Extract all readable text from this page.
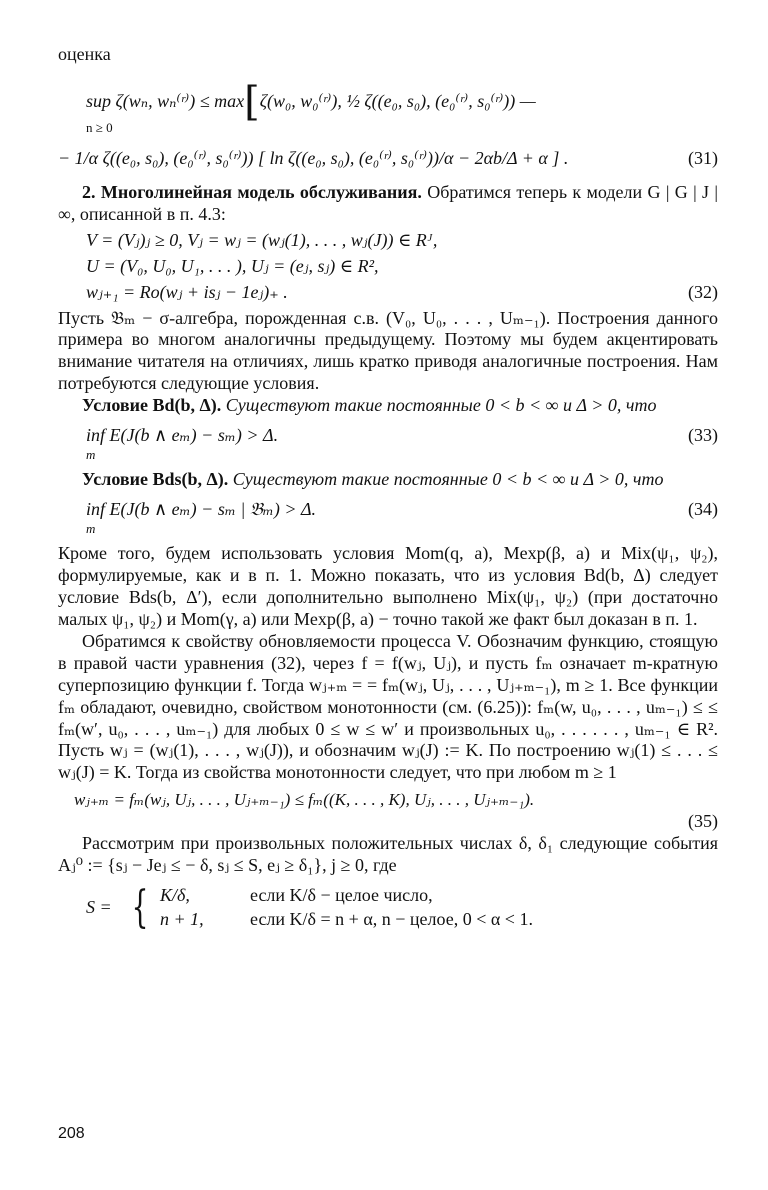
оценка

sup ζ(wₙ, wₙ⁽ʳ⁾) ≤ max [ ζ(w₀, w₀⁽ʳ⁾), ½ ζ((e₀, s₀), (e₀⁽ʳ⁾, s₀⁽ʳ⁾)) —
n ≥ 0
− 1/α ζ((e₀, s₀), (e₀⁽ʳ⁾, s₀⁽ʳ⁾)) [ ln ζ((e₀, s₀), (e₀⁽ʳ⁾, s₀⁽ʳ⁾))/α − 2αb/Δ + α ] .	(31)

2. Многолинейная модель обслуживания. Обратимся теперь к модели G | G | J | ∞, описанной в п. 4.3:

V = (Vⱼ)ⱼ ≥ 0, Vⱼ = wⱼ = (wⱼ(1), . . . , wⱼ(J)) ∈ Rᴶ,
U = (V₀, U₀, U₁, . . . ), Uⱼ = (eⱼ, sⱼ) ∈ R²,
wⱼ₊₁ = Ro(wⱼ + isⱼ − 1eⱼ)₊ .	(32)

Пусть 𝔅ₘ − σ-алгебра, порожденная с.в. (V₀, U₀, . . . , Uₘ₋₁). Построения данного примера во многом аналогичны предыдущему. Поэтому мы будем акцентировать внимание читателя на отличиях, лишь кратко приводя аналогичные построения. Нам потребуются следующие условия.

Условие Bd(b, Δ). Существуют такие постоянные 0 < b < ∞ и Δ > 0, что

inf E(J(b ∧ eₘ) − sₘ) > Δ.	(33)
m

Условие Bds(b, Δ). Существуют такие постоянные 0 < b < ∞ и Δ > 0, что

inf E(J(b ∧ eₘ) − sₘ | 𝔅ₘ) > Δ.	(34)
m

Кроме того, будем использовать условия Mom(q, a), Mexp(β, a) и Mix(ψ₁, ψ₂), формулируемые, как и в п. 1. Можно показать, что из условия Bd(b, Δ) следует условие Bds(b, Δ′), если дополнительно выполнено Mix(ψ₁, ψ₂) (при достаточно малых ψ₁, ψ₂) и Mom(γ, a) или Mexp(β, a) − точно такой же факт был доказан в п. 1.

Обратимся к свойству обновляемости процесса V. Обозначим функцию, стоящую в правой части уравнения (32), через f = f(wⱼ, Uⱼ), и пусть fₘ означает m-кратную суперпозицию функции f. Тогда wⱼ₊ₘ = = fₘ(wⱼ, Uⱼ, . . . , Uⱼ₊ₘ₋₁), m ≥ 1. Все функции fₘ обладают, очевидно, свойством монотонности (см. (6.25)): fₘ(w, u₀, . . . , uₘ₋₁) ≤ ≤ fₘ(w′, u₀, . . . , uₘ₋₁) для любых 0 ≤ w ≤ w′ и произвольных u₀, . . . . . . , uₘ₋₁ ∈ R². Пусть wⱼ = (wⱼ(1), . . . , wⱼ(J)), и обозначим wⱼ(J) := K. По построению wⱼ(1) ≤ . . . ≤ wⱼ(J) = K. Тогда из свойства монотонности следует, что при любом m ≥ 1

wⱼ₊ₘ = fₘ(wⱼ, Uⱼ, . . . , Uⱼ₊ₘ₋₁) ≤ fₘ((K, . . . , K), Uⱼ, . . . , Uⱼ₊ₘ₋₁).
(35)

Рассмотрим при произвольных положительных числах δ, δ₁ следующие события Aⱼ⁰ := {sⱼ − Jeⱼ ≤ − δ, sⱼ ≤ S, eⱼ ≥ δ₁}, j ≥ 0, где

S = { K/δ,	если K/δ − целое число,
n + 1,	если K/δ = n + α, n − целое, 0 < α < 1.
208
